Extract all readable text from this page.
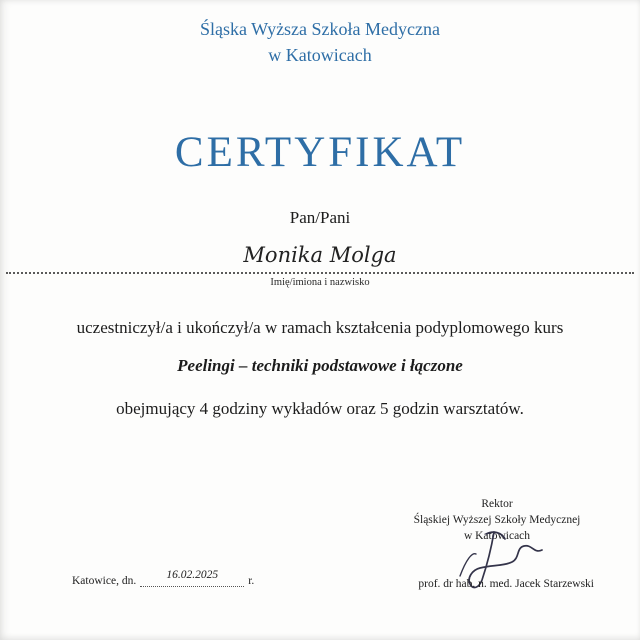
Śląska Wyższa Szkoła Medyczna
w Katowicach
CERTYFIKAT
Pan/Pani
Monika Molga
Imię/imiona i nazwisko
uczestniczył/a i ukończył/a w ramach kształcenia podyplomowego kurs
Peelingi – techniki podstawowe i łączone
obejmujący 4 godziny wykładów oraz 5 godzin warsztatów.
Rektor
Śląskiej Wyższej Szkoły Medycznej
w Katowicach
Katowice, dn.	16.02.2025	r.	prof. dr hab. n. med. Jacek Starzewski
